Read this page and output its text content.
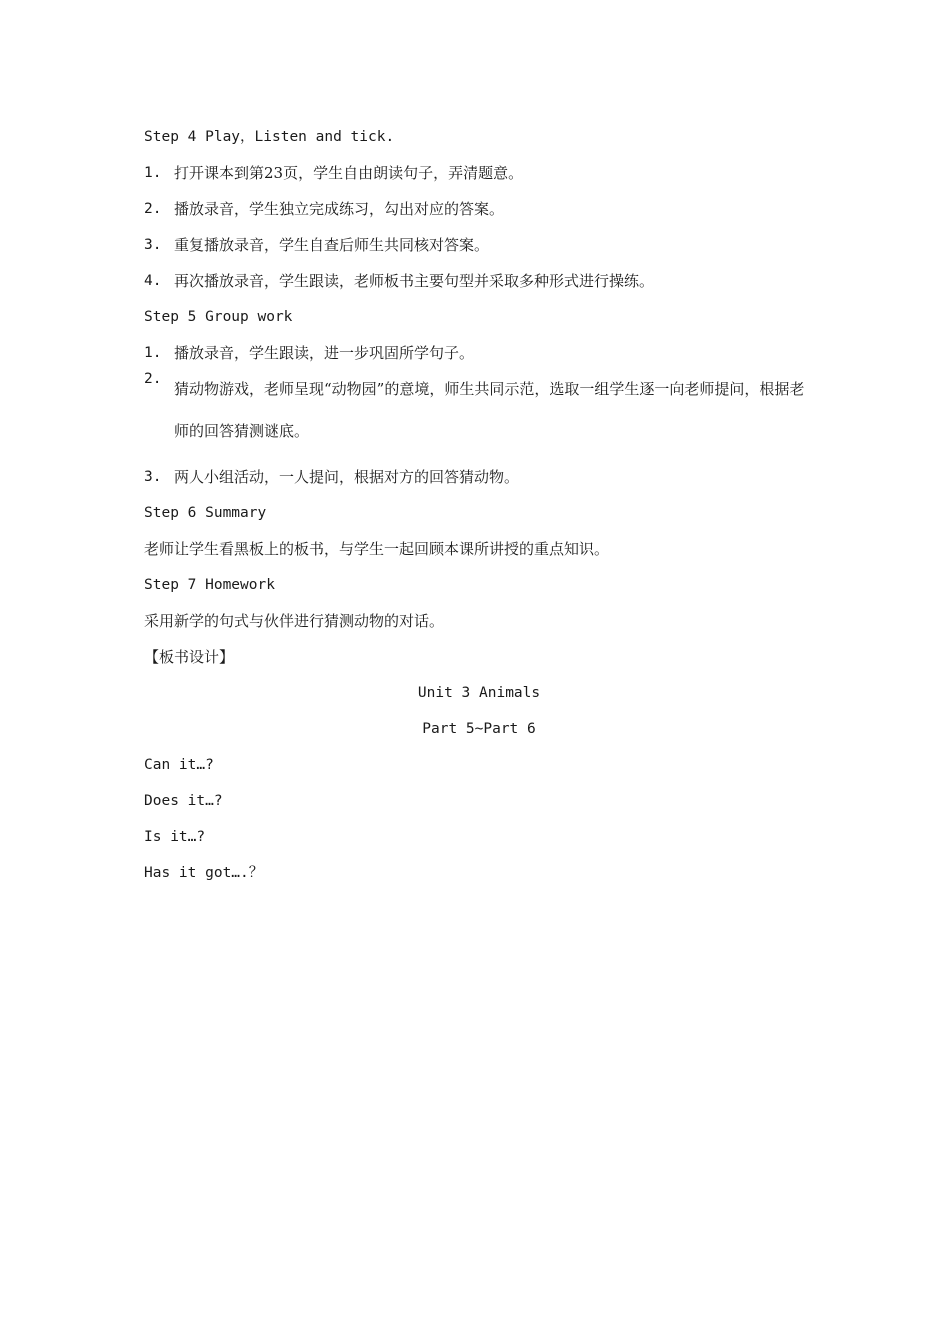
Step 4 Play，Listen and tick.
1. 打开课本到第23页，学生自由朗读句子，弄清题意。
2. 播放录音，学生独立完成练习，勾出对应的答案。
3. 重复播放录音，学生自查后师生共同核对答案。
4. 再次播放录音，学生跟读，老师板书主要句型并采取多种形式进行操练。
Step 5 Group work
1. 播放录音，学生跟读，进一步巩固所学句子。
2.
猜动物游戏，老师呈现“动物园”的意境，师生共同示范，选取一组学生逐一向老师提问，根据老师的回答猜测谜底。
3. 两人小组活动，一人提问，根据对方的回答猜动物。
Step 6 Summary
老师让学生看黑板上的板书，与学生一起回顾本课所讲授的重点知识。
Step 7 Homework
采用新学的句式与伙伴进行猜测动物的对话。
【板书设计】
Unit 3 Animals
Part 5~Part 6
Can it…?
Does it…?
Is it…?
Has it got….？
